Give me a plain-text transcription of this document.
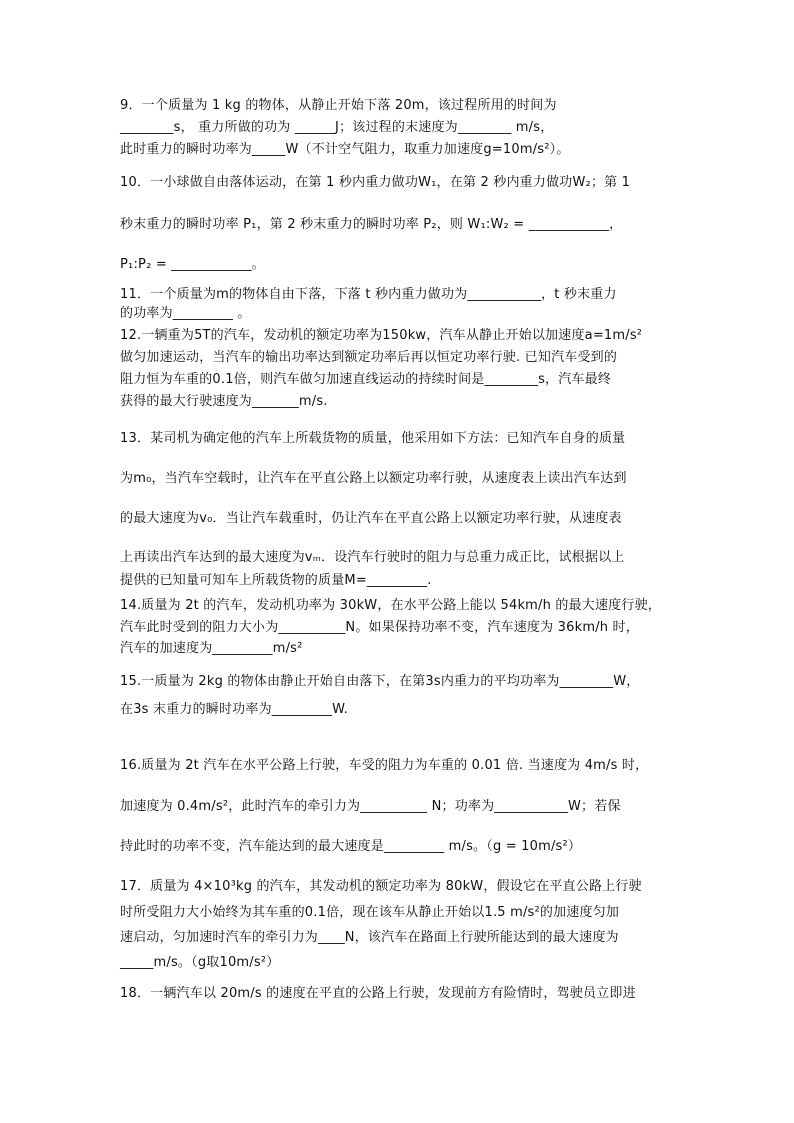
9．一个质量为 1 kg 的物体，从静止开始下落 20m，该过程所用的时间为
________s， 重力所做的功为 ______J；该过程的末速度为________ m/s，
此时重力的瞬时功率为_____W（不计空气阻力，取重力加速度g=10m/s²）。
10．一小球做自由落体运动，在第 1 秒内重力做功W₁，在第 2 秒内重力做功W₂；第 1
秒末重力的瞬时功率 P₁，第 2 秒末重力的瞬时功率 P₂，则 W₁:W₂ = ____________，
P₁:P₂ = ____________。
11．一个质量为m的物体自由下落，下落 t 秒内重力做功为___________，t 秒末重力
的功率为_________ 。
12.一辆重为5T的汽车，发动机的额定功率为150kw，汽车从静止开始以加速度a=1m/s²
做匀加速运动，当汽车的输出功率达到额定功率后再以恒定功率行驶. 已知汽车受到的
阻力恒为车重的0.1倍，则汽车做匀加速直线运动的持续时间是________s，汽车最终
获得的最大行驶速度为_______m/s.
13．某司机为确定他的汽车上所载货物的质量，他采用如下方法：已知汽车自身的质量
为m₀，当汽车空载时，让汽车在平直公路上以额定功率行驶，从速度表上读出汽车达到
的最大速度为v₀．当让汽车载重时，仍让汽车在平直公路上以额定功率行驶，从速度表
上再读出汽车达到的最大速度为vₘ．设汽车行驶时的阻力与总重力成正比，试根据以上
提供的已知量可知车上所载货物的质量M=_________.
14.质量为 2t 的汽车，发动机功率为 30kW，在水平公路上能以 54km/h 的最大速度行驶，
汽车此时受到的阻力大小为__________N。如果保持功率不变，汽车速度为 36km/h 时，
汽车的加速度为_________m/s²
15.一质量为 2kg 的物体由静止开始自由落下，在第3s内重力的平均功率为________W，
在3s 末重力的瞬时功率为_________W.
16.质量为 2t 汽车在水平公路上行驶，车受的阻力为车重的 0.01 倍. 当速度为 4m/s 时，
加速度为 0.4m/s²，此时汽车的牵引力为__________ N；功率为___________W；若保
持此时的功率不变，汽车能达到的最大速度是_________ m/s。（g = 10m/s²）
17．质量为 4×10³kg 的汽车，其发动机的额定功率为 80kW，假设它在平直公路上行驶
时所受阻力大小始终为其车重的0.1倍，现在该车从静止开始以1.5 m/s²的加速度匀加
速启动，匀加速时汽车的牵引力为____N，该汽车在路面上行驶所能达到的最大速度为
_____m/s。（g取10m/s²）
18．一辆汽车以 20m/s 的速度在平直的公路上行驶，发现前方有险情时，驾驶员立即进
